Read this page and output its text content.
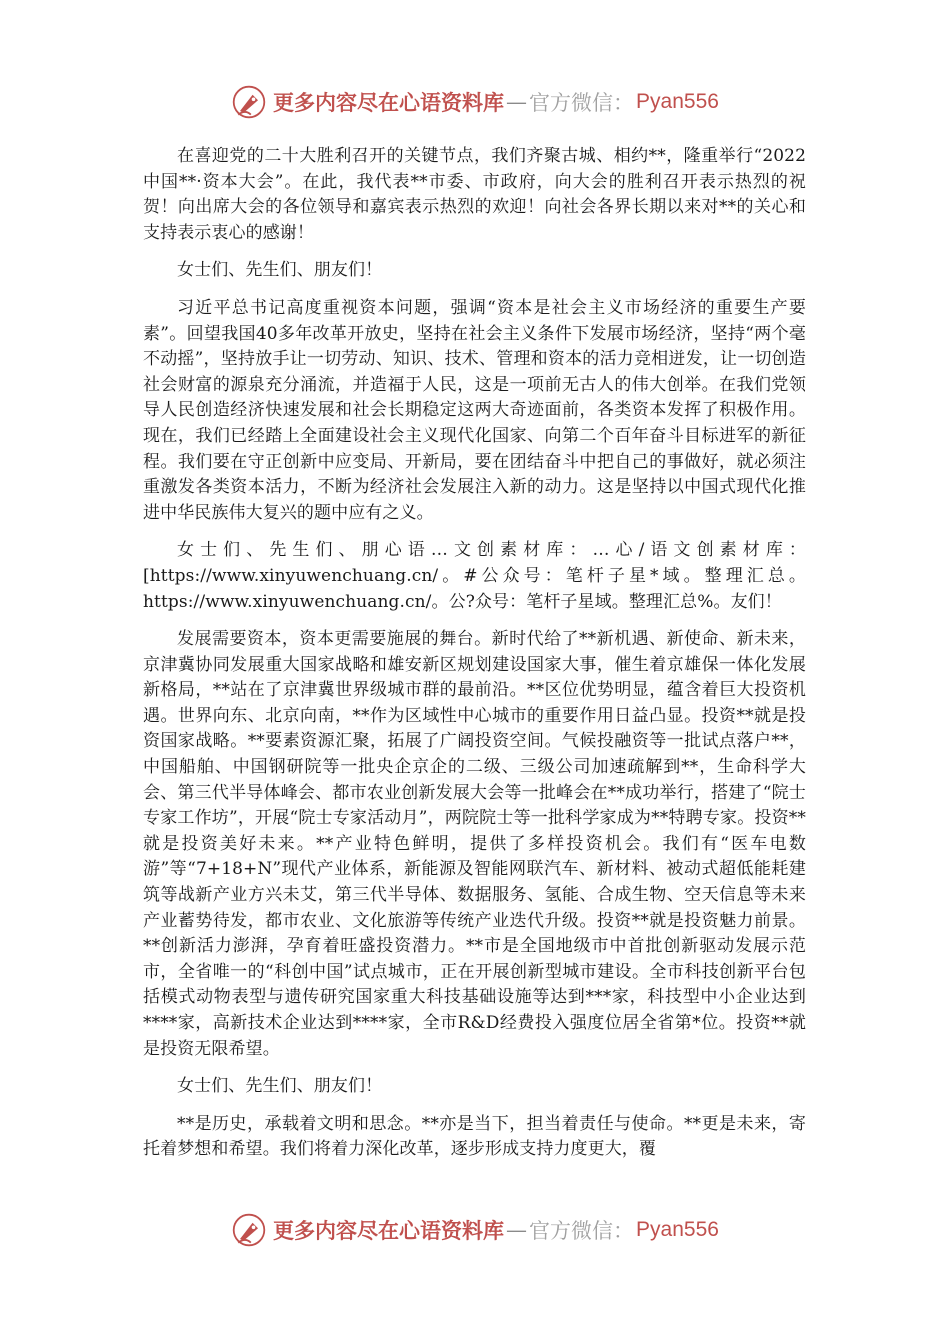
更多内容尽在心语资料库 — 官方微信： Pyan556

在喜迎党的二十大胜利召开的关键节点，我们齐聚古城、相约**，隆重举行“2022中国**·资本大会”。在此，我代表**市委、市政府，向大会的胜利召开表示热烈的祝贺！向出席大会的各位领导和嘉宾表示热烈的欢迎！向社会各界长期以来对**的关心和支持表示衷心的感谢！

女士们、先生们、朋友们！

习近平总书记高度重视资本问题，强调“资本是社会主义市场经济的重要生产要素”。回望我国40多年改革开放史，坚持在社会主义条件下发展市场经济，坚持“两个毫不动摇”，坚持放手让一切劳动、知识、技术、管理和资本的活力竞相迸发，让一切创造社会财富的源泉充分涌流，并造福于人民，这是一项前无古人的伟大创举。在我们党领导人民创造经济快速发展和社会长期稳定这两大奇迹面前，各类资本发挥了积极作用。现在，我们已经踏上全面建设社会主义现代化国家、向第二个百年奋斗目标进军的新征程。我们要在守正创新中应变局、开新局，要在团结奋斗中把自己的事做好，就必须注重激发各类资本活力，不断为经济社会发展注入新的动力。这是坚持以中国式现代化推进中华民族伟大复兴的题中应有之义。

女士们、先生们、朋心语…文创素材库：…心/语文创素材库：[https://www.xinyuwenchuang.cn/。#公众号：笔杆子星*域。整理汇总。https://www.xinyuwenchuang.cn/。公?众号：笔杆子星域。整理汇总%。友们！

发展需要资本，资本更需要施展的舞台。新时代给了**新机遇、新使命、新未来，京津冀协同发展重大国家战略和雄安新区规划建设国家大事，催生着京雄保一体化发展新格局，**站在了京津冀世界级城市群的最前沿。**区位优势明显，蕴含着巨大投资机遇。世界向东、北京向南，**作为区域性中心城市的重要作用日益凸显。投资**就是投资国家战略。**要素资源汇聚，拓展了广阔投资空间。气候投融资等一批试点落户**，中国船舶、中国钢研院等一批央企京企的二级、三级公司加速疏解到**，生命科学大会、第三代半导体峰会、都市农业创新发展大会等一批峰会在**成功举行，搭建了“院士专家工作坊”，开展“院士专家活动月”，两院院士等一批科学家成为**特聘专家。投资**就是投资美好未来。**产业特色鲜明，提供了多样投资机会。我们有“医车电数游”等“7+18+N”现代产业体系，新能源及智能网联汽车、新材料、被动式超低能耗建筑等战新产业方兴未艾，第三代半导体、数据服务、氢能、合成生物、空天信息等未来产业蓄势待发，都市农业、文化旅游等传统产业迭代升级。投资**就是投资魅力前景。**创新活力澎湃，孕育着旺盛投资潜力。**市是全国地级市中首批创新驱动发展示范市，全省唯一的“科创中国”试点城市，正在开展创新型城市建设。全市科技创新平台包括模式动物表型与遗传研究国家重大科技基础设施等达到***家，科技型中小企业达到****家，高新技术企业达到****家，全市R&D经费投入强度位居全省第*位。投资**就是投资无限希望。

女士们、先生们、朋友们！

**是历史，承载着文明和思念。**亦是当下，担当着责任与使命。**更是未来，寄托着梦想和希望。我们将着力深化改革，逐步形成支持力度更大，覆

更多内容尽在心语资料库 — 官方微信： Pyan556
